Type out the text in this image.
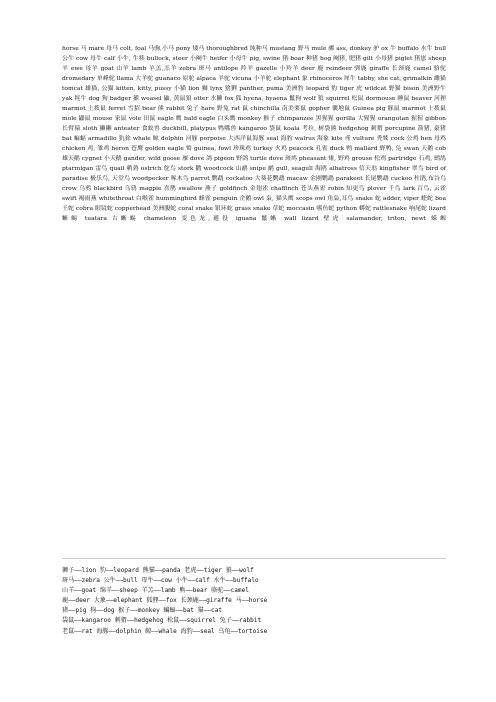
horse 马 mare 母马 colt, foal 马驹,小马 pony 矮马 thoroughbred 纯种马 mustang 野马 mule 骡 ass, donkey 驴 ox 牛 buffalo 水牛 bull 公牛 cow 母牛 calf 小牛, 牛犊 bullock, steer 小阉牛 heifer 小母牛 pig, swine 猪 boar 种猪 hog 阉猪, 肥猪 gilt 小母猪 piglet 猪崽 sheep 羊 ewe 母羊 goat 山羊 lamb 羊羔,羔羊 zebra 斑马 antilope 羚羊 gazelle 小羚羊 deer 鹿 reindeer 驯鹿 giraffe 长颈鹿 camel 骆驼 dromedary 单峰驼 llama 大羊驼 guanaco 原驼 alpaca 羊驼 vicuna 小羊驼 elephant 象 rhinoceros 犀牛 tabby, she cat, grimalkin 雌猫 tomcat 雄猫, 公猫 kitten, kitty, pussy 小猫 lion 狮 lynx 猞猁 panther, puma 美洲豹 leopard 豹 tiger 虎 wildcat 野猫 bison 美洲野牛 yak 牦牛 dog 狗 badger 獾 weasel 鼬, 黄鼠狼 otter 水獭 fox 狐 hyena, hyaena 鬣狗 wolf 狼 squirrel 松鼠 dormouse 睡鼠 beaver 河狸 marmot 土拨鼠 ferret 雪貂 bear 熊 rabbit 兔子 hare 野兔 rat 鼠 chinchilla 南美栗鼠 gopher 囊地鼠 Guinea pig 豚鼠 marmot 土拨鼠 mole 鼹鼠 mouse 家鼠 vole 田鼠 eagle 鹰 bald eagle 白头鹰 monkey 猴子 chimpanzee 黑猩猩 gorilla 大猩猩 orangutan 猩猩 gibbon 长臂猿 sloth 獭獭 anteater 食蚁兽 duckbill, platypus 鸭嘴兽 kangaroo 袋鼠 koala 考拉, 树袋熊 hedgehog 刺猬 porcupine 箭猪, 豪猪 bat 蝙蝠 armadillo 犰狳 whale 鲸 dolphin 河豚 porpoise 大西洋鼠海豚 seal 海豹 walrus 海象 kite 鸢 vulture 秃鹫 cock 公鸡 hen 母鸡 chicken 鸡, 雏鸡 heron 苍鹰 golden eagle 鹫 guinea, fowl 珍珠鸡 turkey 火鸡 peacock 孔雀 duck 鸭 mallard 野鸭, 凫 swan 天鹅 cob 雄天鹅 cygnet 小天鹅 gander, wild goose 雁 dove 鸽 pigeon 野鸽 turtle dove 斑鸠 pheasant 雉, 野鸡 grouse 松鸡 partridge 石鸡, 鹧鸪 ptarmigan 雷鸟 quail 鹌鹑 ostrich 鸵鸟 stork 鹳 woodcock 山鹬 snipe 鹬 gull, seagull 海鸥 albatross 信天翁 kingfisher 翠鸟 bird of paradise 极乐鸟, 天堂鸟 woodpecker 啄木鸟 parrot 鹦鹉 cockatoo 大葵花鹦鹉 macaw 金刚鹦鹉 parakeet 长尾鹦鹉 cuckoo 杜鹃,布谷鸟 crow 乌鸦 blackbird 乌鸫 magpie 喜鹊 swallow 燕子 goldfinch 金翅雀 chaffinch 苍头燕雀 robin 知更鸟 plover 千鸟 lark 百鸟, 云雀 swift 褐雨燕 whitethroat 白喉雀 hummingbird 蜂雀 penguin 企鹅 owl 枭, 猫头鹰 scops owl 角枭,耳鸟 snake 蛇 adder, viper 蝰蛇 boa 王蛇 cobra 眼镜蛇 copperhead 美洲腹蛇 coral snake 银环蛇 grass snake 草蛇 moccasin 嗜鱼蛇 python 蟒蛇 rattlesnake 响尾蛇 lizard 蜥蜴 tuatara 古蜥蜴 chameleon 变色龙,避役 iguana 鬣蜥 wall lizard 壁虎 salamander, triton, newt 蝾螈

狮子——lion 豹——leopard 熊猫——panda 老虎——tiger 狼——wolf
斑马——zebra 公牛——bull 母牛——cow 小牛——calf 水牛——buffalo
山羊——goat 绵羊——sheep 羊羔——lamb 熊——bear 骆驼——camel
鹿——deer 大象——elephant 狐狸——fox 长颈鹿——giraffe 马——horse
猪——pig 狗——dog 猴子——monkey 蝙蝠——bat 猫——cat
袋鼠——kangaroo 刺猬——hedgehog 松鼠——squirrel 兔子——rabbit
老鼠——rat 海豚——dolphin 鲸——whale 海豹——seal 乌龟——tortoise
